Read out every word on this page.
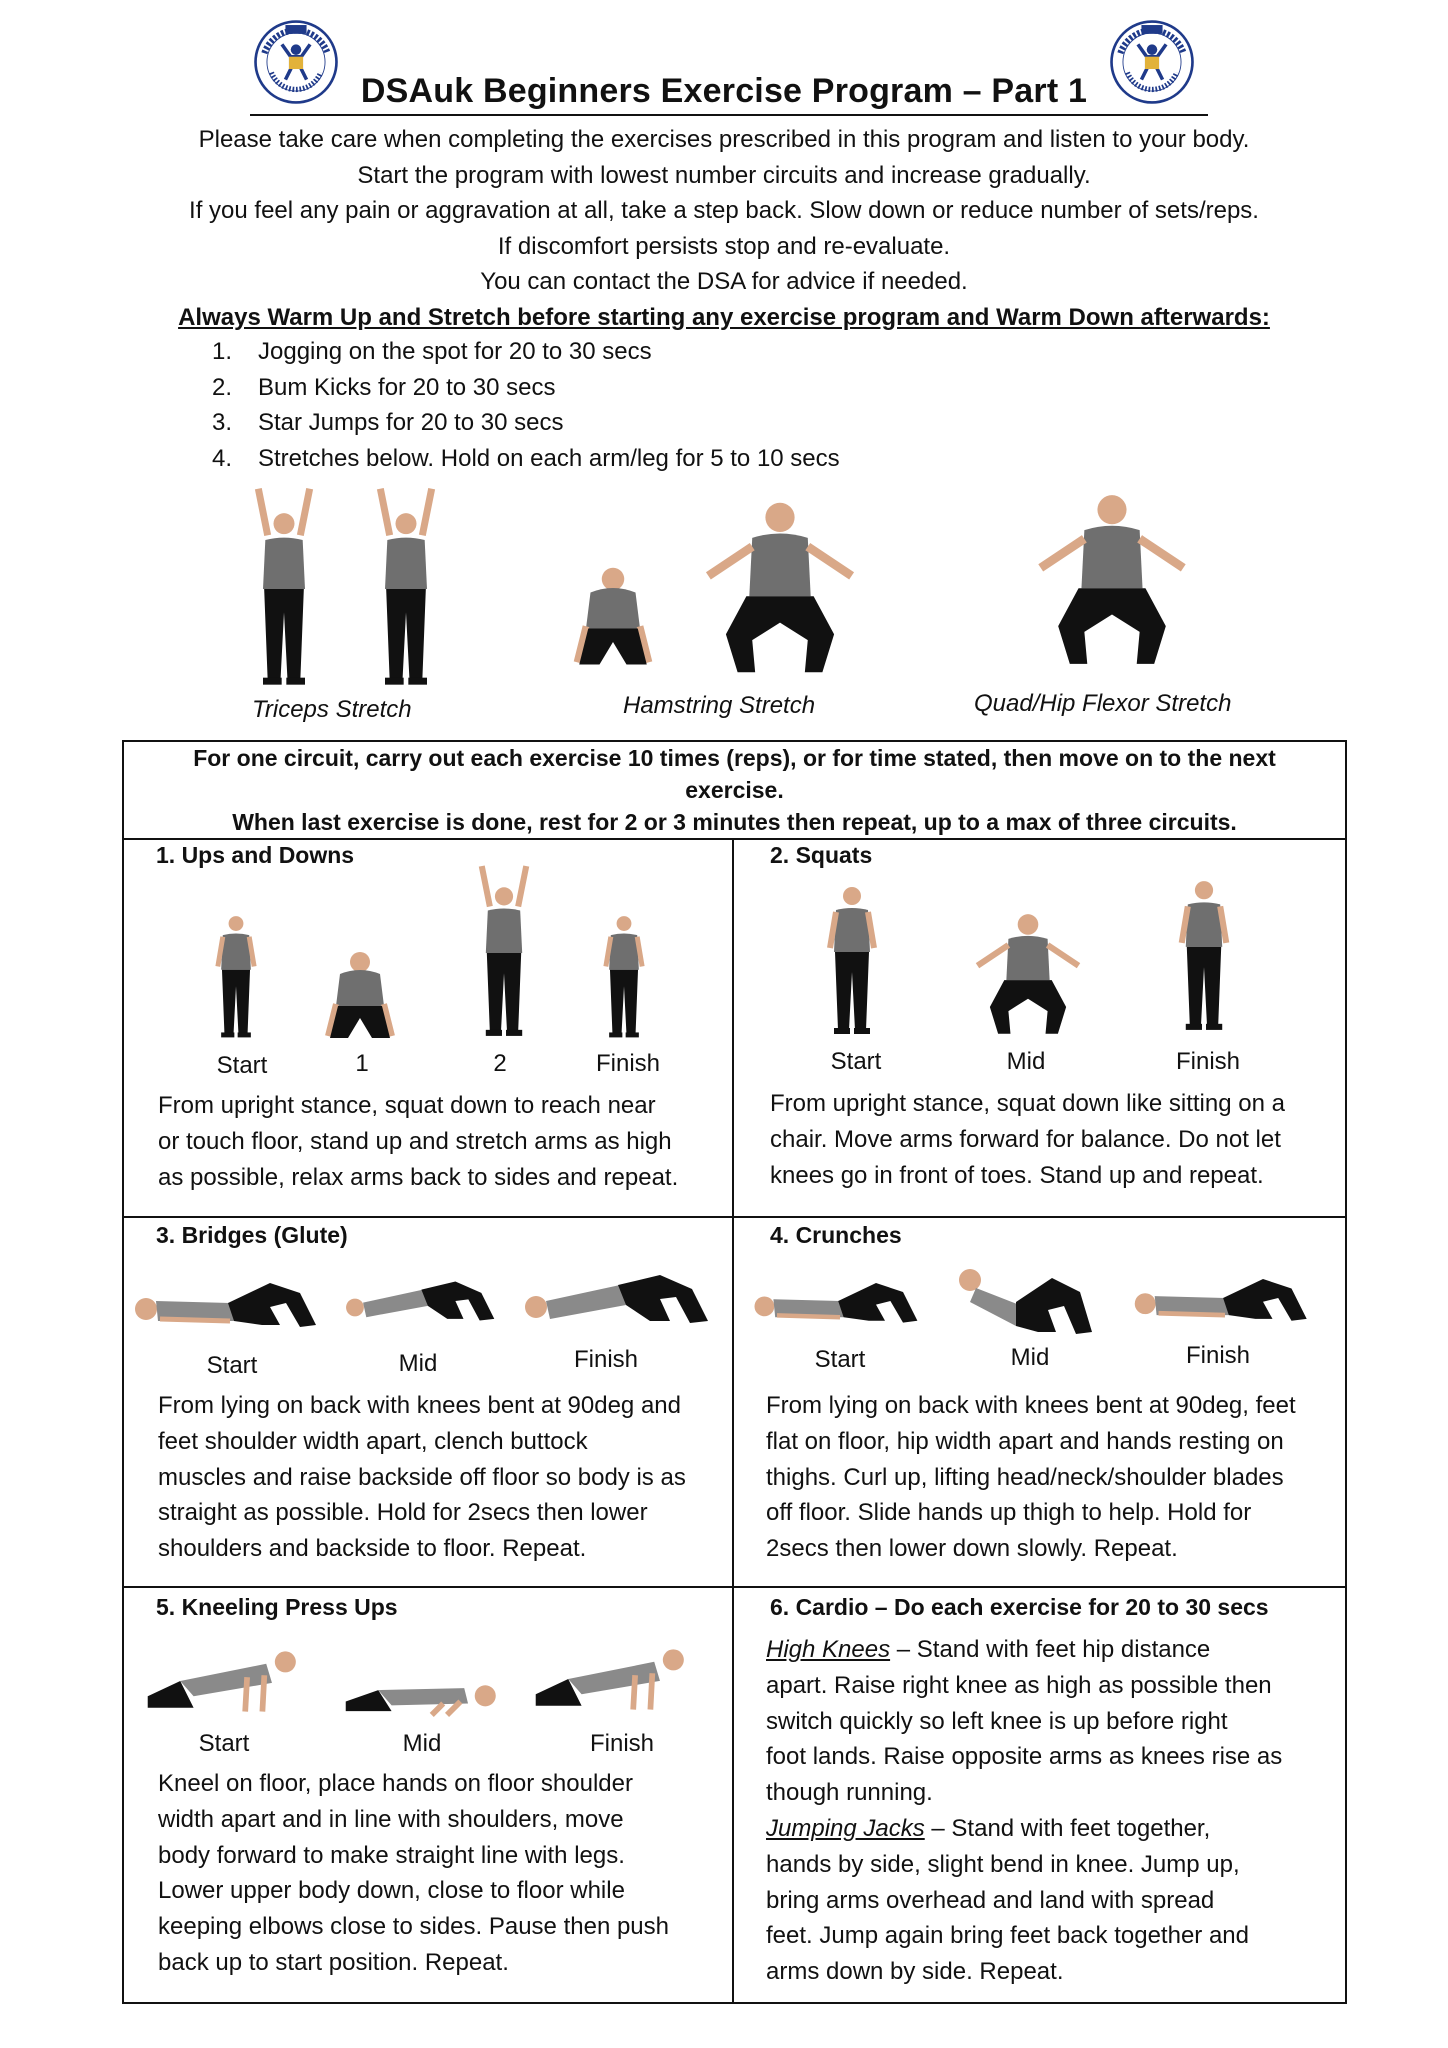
DSAuk Beginners Exercise Program – Part 1
Please take care when completing the exercises prescribed in this program and listen to your body.
Start the program with lowest number circuits and increase gradually.
If you feel any pain or aggravation at all, take a step back. Slow down or reduce number of sets/reps.
If discomfort persists stop and re-evaluate.
You can contact the DSA for advice if needed.
Always Warm Up and Stretch before starting any exercise program and Warm Down afterwards:
1. Jogging on the spot for 20 to 30 secs
2. Bum Kicks for 20 to 30 secs
3. Star Jumps for 20 to 30 secs
4. Stretches below. Hold on each arm/leg for 5 to 10 secs
Triceps Stretch	Hamstring Stretch	Quad/Hip Flexor Stretch
For one circuit, carry out each exercise 10 times (reps), or for time stated, then move on to the next
exercise.
When last exercise is done, rest for 2 or 3 minutes then repeat, up to a max of three circuits.
1. Ups and Downs
Start	1	2	Finish
From upright stance, squat down to reach near
or touch floor, stand up and stretch arms as high
as possible, relax arms back to sides and repeat.
2. Squats
Start	Mid	Finish
From upright stance, squat down like sitting on a
chair. Move arms forward for balance. Do not let
knees go in front of toes. Stand up and repeat.
3. Bridges (Glute)
Start	Mid	Finish
From lying on back with knees bent at 90deg and
feet shoulder width apart, clench buttock
muscles and raise backside off floor so body is as
straight as possible. Hold for 2secs then lower
shoulders and backside to floor. Repeat.
4. Crunches
Start	Mid	Finish
From lying on back with knees bent at 90deg, feet
flat on floor, hip width apart and hands resting on
thighs. Curl up, lifting head/neck/shoulder blades
off floor. Slide hands up thigh to help. Hold for
2secs then lower down slowly. Repeat.
5. Kneeling Press Ups
Start	Mid	Finish
Kneel on floor, place hands on floor shoulder
width apart and in line with shoulders, move
body forward to make straight line with legs.
Lower upper body down, close to floor while
keeping elbows close to sides. Pause then push
back up to start position. Repeat.
6. Cardio – Do each exercise for 20 to 30 secs
High Knees – Stand with feet hip distance
apart. Raise right knee as high as possible then
switch quickly so left knee is up before right
foot lands. Raise opposite arms as knees rise as
though running.
Jumping Jacks – Stand with feet together,
hands by side, slight bend in knee. Jump up,
bring arms overhead and land with spread
feet. Jump again bring feet back together and
arms down by side. Repeat.
